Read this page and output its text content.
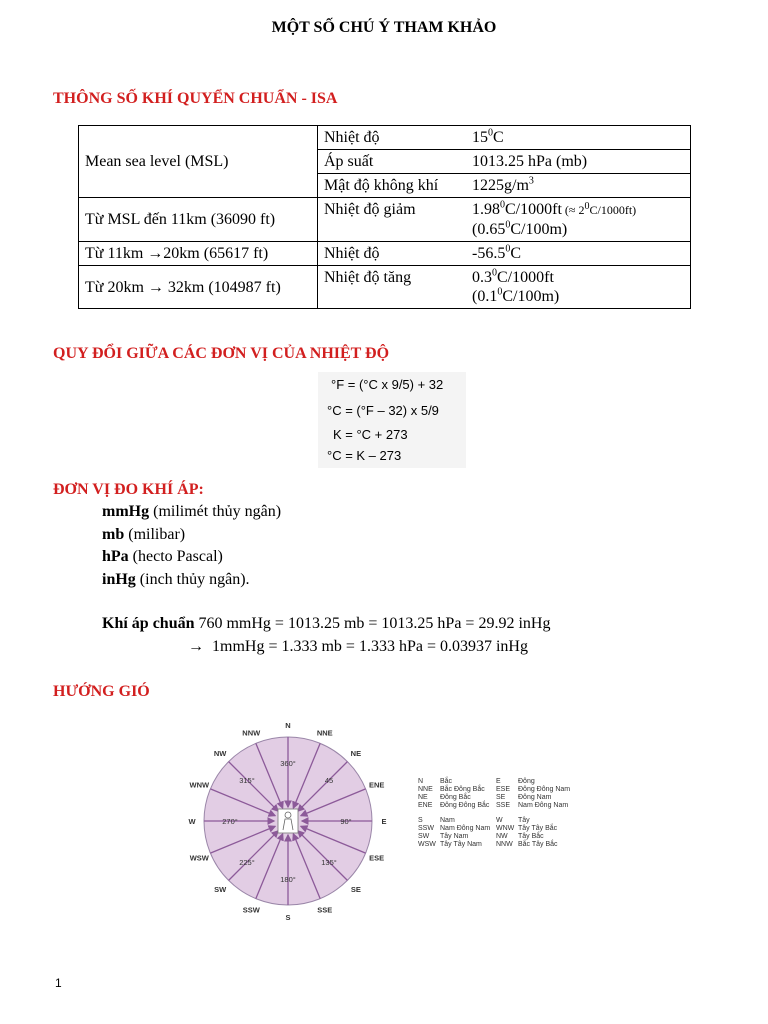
MỘT SỐ CHÚ Ý THAM KHẢO
THÔNG SỐ KHÍ QUYỂN CHUẨN - ISA
Mean sea level (MSL)	Nhiệt độ $15^0C$
	Áp suất 1013.25 hPa (mb)
	Mật độ không khí $1225g/m^3$
Từ MSL đến 11km (36090 ft)	Nhiệt độ giảm 1.98$^0$C/1000ft (≈ $2^0C/1000ft$)
(0.65$^0$C/100m)
Từ 11km →20km (65617 ft)	Nhiệt độ -56.5$^0$C
Từ 20km → 32km (104987 ft)	Nhiệt độ tăng $0.3^0C/1000ft$
$(0.1^0C/100m)$
QUY ĐỔI GIỮA CÁC ĐƠN VỊ CỦA NHIỆT ĐỘ
°F = (°C x 9/5) + 32
°C = (°F – 32) x 5/9
K = °C + 273
°C = K – 273
ĐƠN VỊ ĐO KHÍ ÁP:
mmHg (milimét thủy ngân)
mb (milibar)
hPa (hecto Pascal)
inHg (inch thủy ngân).
Khí áp chuẩn 760 mmHg = 1013.25 mb = 1013.25 hPa = 29.92 inHg
→ 1mmHg = 1.333 mb = 1.333 hPa = 0.03937 inHg
HƯỚNG GIÓ
N
NNE
NE
ENE
E
ESE
SE
SSE
S
SSW
SW
WSW
W
WNW
NW
NNW
360°
45
90°
135°
180°
225°
270°
315°	N Bắc	E Đông
NNE Bắc Đông Bắc ESE Đông Đông Nam
NE Đông Bắc	SE Đông Nam
ENE Đông Đông Bắc SSE Nam Đông Nam
S Nam	W Tây
SSW Nam Đông Nam WNW Tây Tây Bắc
SW Tây Nam	NW Tây Bắc
WSW Tây Tây Nam NNW Bắc Tây Bắc
1
